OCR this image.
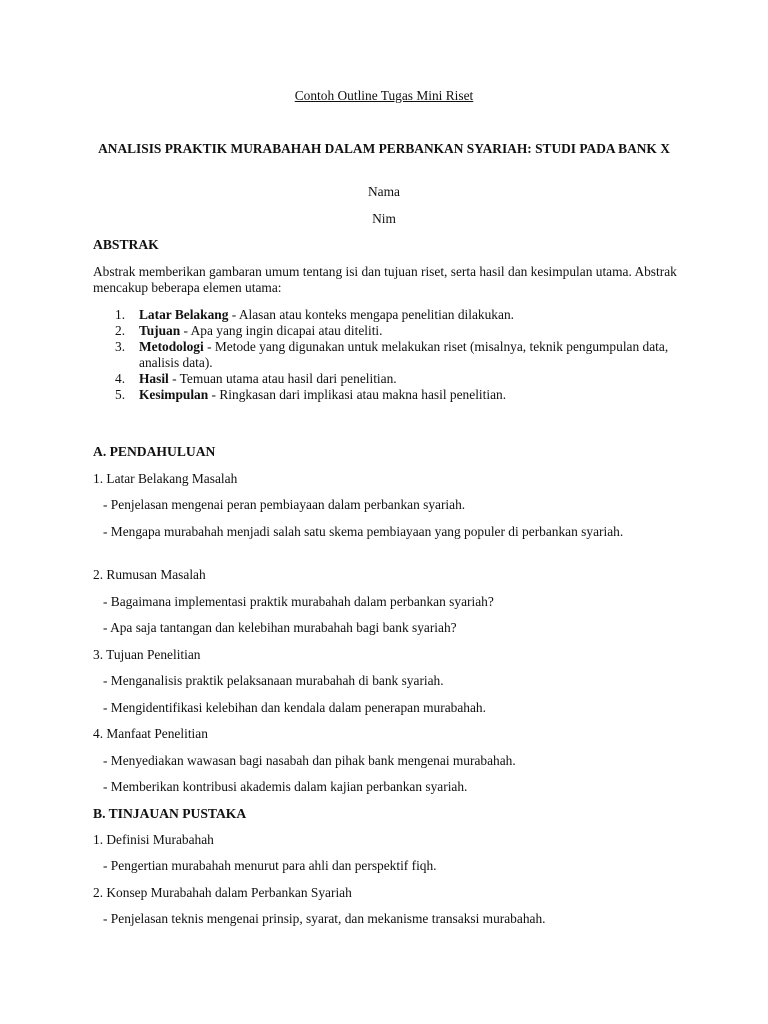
Contoh Outline Tugas Mini Riset

ANALISIS PRAKTIK MURABAHAH DALAM PERBANKAN SYARIAH: STUDI PADA BANK X

Nama

Nim

ABSTRAK

Abstrak memberikan gambaran umum tentang isi dan tujuan riset, serta hasil dan kesimpulan utama. Abstrak mencakup beberapa elemen utama:

1. Latar Belakang - Alasan atau konteks mengapa penelitian dilakukan.
2. Tujuan - Apa yang ingin dicapai atau diteliti.
3. Metodologi - Metode yang digunakan untuk melakukan riset (misalnya, teknik pengumpulan data, analisis data).
4. Hasil - Temuan utama atau hasil dari penelitian.
5. Kesimpulan - Ringkasan dari implikasi atau makna hasil penelitian.

A. PENDAHULUAN

1. Latar Belakang Masalah

- Penjelasan mengenai peran pembiayaan dalam perbankan syariah.

- Mengapa murabahah menjadi salah satu skema pembiayaan yang populer di perbankan syariah.

2. Rumusan Masalah

- Bagaimana implementasi praktik murabahah dalam perbankan syariah?

- Apa saja tantangan dan kelebihan murabahah bagi bank syariah?

3. Tujuan Penelitian

- Menganalisis praktik pelaksanaan murabahah di bank syariah.

- Mengidentifikasi kelebihan dan kendala dalam penerapan murabahah.

4. Manfaat Penelitian

- Menyediakan wawasan bagi nasabah dan pihak bank mengenai murabahah.

- Memberikan kontribusi akademis dalam kajian perbankan syariah.

B. TINJAUAN PUSTAKA

1. Definisi Murabahah

- Pengertian murabahah menurut para ahli dan perspektif fiqh.

2. Konsep Murabahah dalam Perbankan Syariah

- Penjelasan teknis mengenai prinsip, syarat, dan mekanisme transaksi murabahah.
